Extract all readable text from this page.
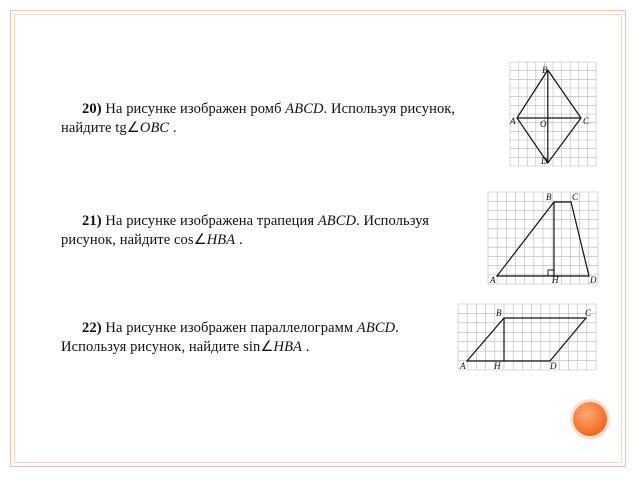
20) На рисунке изображен ромб ABCD. Используя рисунок,
найдите tg∠OBC .
21) На рисунке изображена трапеция ABCD. Используя
рисунок, найдите cos∠HBA .
22) На рисунке изображен параллелограмм ABCD.
Используя рисунок, найдите sin∠HBA .
B
A	O	C
D
B C
A	H	D
B	C
A	H	D
